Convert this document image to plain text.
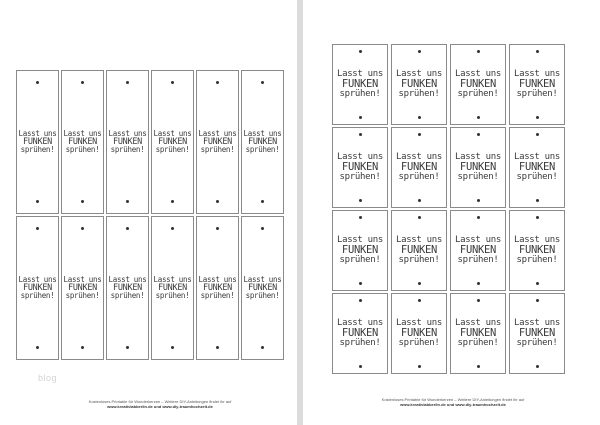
Lasst uns
FUNKEN
sprühen!
Lasst uns
FUNKEN
sprühen!
Lasst uns
FUNKEN
sprühen!
Lasst uns
FUNKEN
sprühen!
Lasst uns
FUNKEN
sprühen!
Lasst uns
FUNKEN
sprühen!
Lasst uns
FUNKEN
sprühen!
Lasst uns
FUNKEN
sprühen!
Lasst uns
FUNKEN
sprühen!
Lasst uns
FUNKEN
sprühen!
Lasst uns
FUNKEN
sprühen!
Lasst uns
FUNKEN
sprühen!
Lasst uns
FUNKEN
sprühen!
Lasst uns
FUNKEN
sprühen!
Lasst uns
FUNKEN
sprühen!
Lasst uns
FUNKEN
sprühen!
Lasst uns
FUNKEN
sprühen!
Lasst uns
FUNKEN
sprühen!
Lasst uns
FUNKEN
sprühen!
Lasst uns
FUNKEN
sprühen!
Lasst uns
FUNKEN
sprühen!
Lasst uns
FUNKEN
sprühen!
Lasst uns
FUNKEN
sprühen!
Lasst uns
FUNKEN
sprühen!
Lasst uns
FUNKEN
sprühen!
Lasst uns
FUNKEN
sprühen!
Lasst uns
FUNKEN
sprühen!
Lasst uns
FUNKEN
sprühen!
blog
Kostenloses Printable für Wunderkerzen – Weitere DIY-Anleitungen findet ihr auf
www.kreativlabberlin.de und www.diy-traumhochzeit.de
Kostenloses Printable für Wunderkerzen – Weitere DIY-Anleitungen findet ihr auf
www.kreativlabberlin.de und www.diy-traumhochzeit.de
